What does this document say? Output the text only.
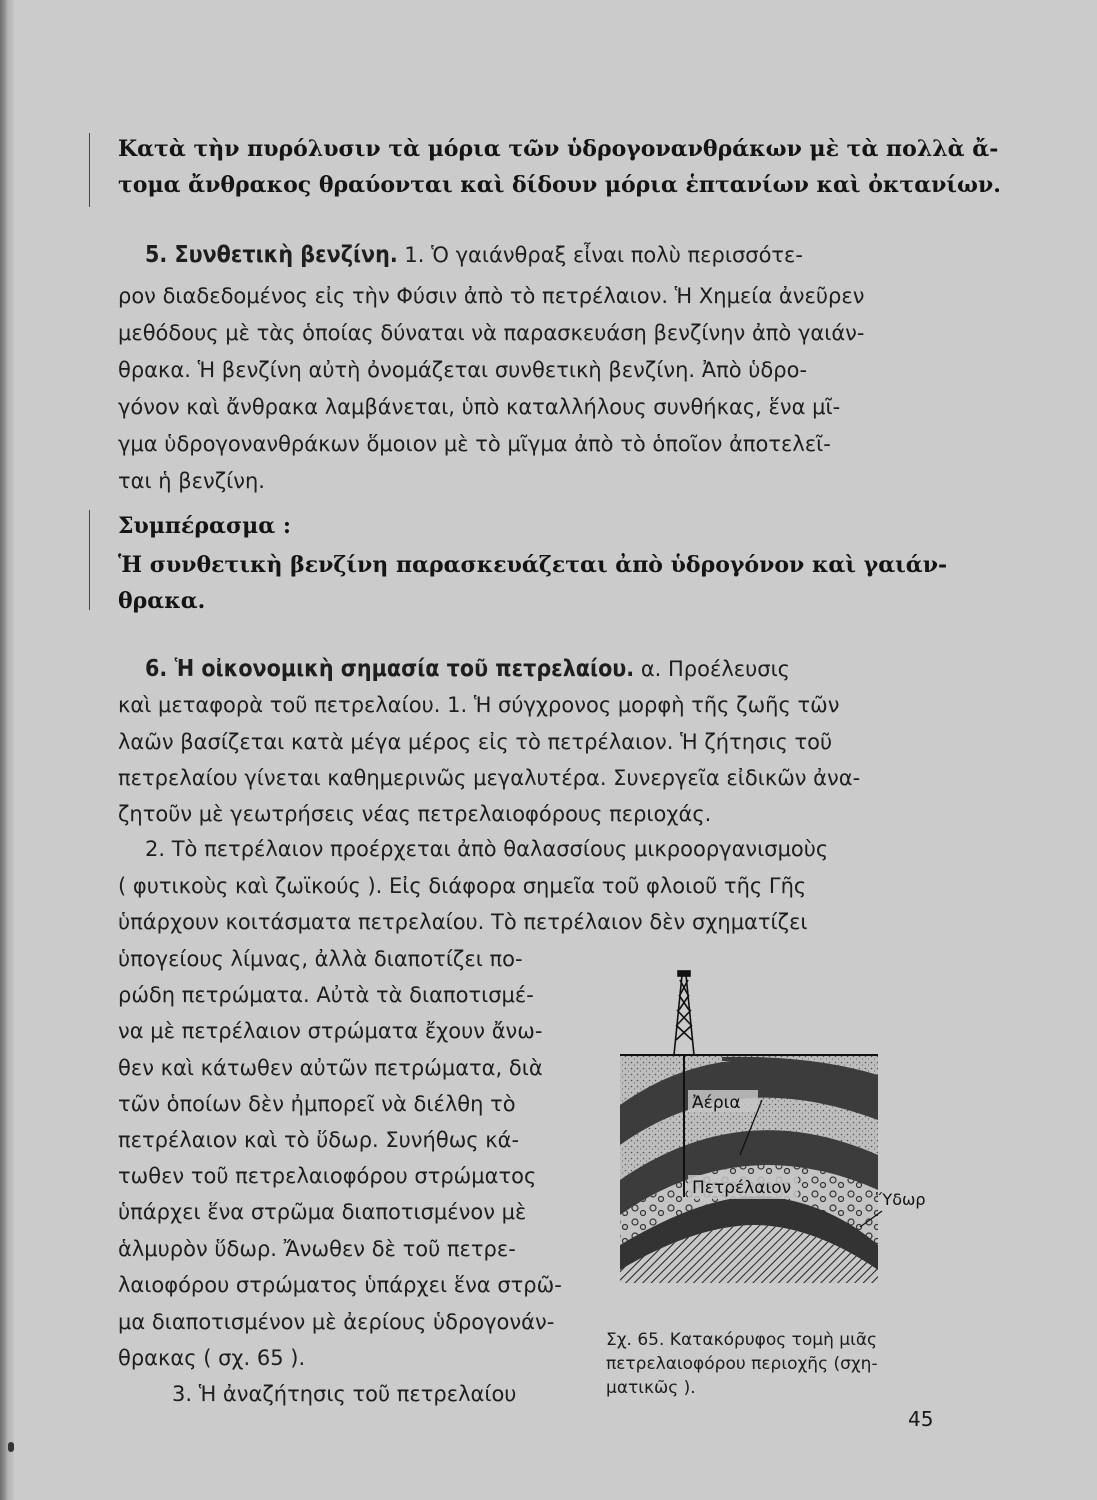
Κατὰ τὴν πυρόλυσιν τὰ μόρια τῶν ὑδρογονανθράκων μὲ τὰ πολλὰ ἄ-
τομα ἄνθρακος θραύονται καὶ δίδουν μόρια ἑπτανίων καὶ ὀκτανίων.
5. Συνθετικὴ βενζίνη. 1. Ὁ γαιάνθραξ εἶναι πολὺ περισσότε-
ρον διαδεδομένος εἰς τὴν Φύσιν ἀπὸ τὸ πετρέλαιον. Ἡ Χημεία ἀνεῦρεν
μεθόδους μὲ τὰς ὁποίας δύναται νὰ παρασκευάση βενζίνην ἀπὸ γαιάν-
θρακα. Ἡ βενζίνη αὐτὴ ὀνομάζεται συνθετικὴ βενζίνη. Ἀπὸ ὑδρο-
γόνον καὶ ἄνθρακα λαμβάνεται, ὑπὸ καταλλήλους συνθήκας, ἕνα μῖ-
γμα ὑδρογονανθράκων ὅμοιον μὲ τὸ μῖγμα ἀπὸ τὸ ὁποῖον ἀποτελεῖ-
ται ἡ βενζίνη.
Συμπέρασμα :
Ἡ συνθετικὴ βενζίνη παρασκευάζεται ἀπὸ ὑδρογόνον καὶ γαιάν-
θρακα.
6. Ἡ οἰκονομικὴ σημασία τοῦ πετρελαίου. α. Προέλευσις
καὶ μεταφορὰ τοῦ πετρελαίου. 1. Ἡ σύγχρονος μορφὴ τῆς ζωῆς τῶν
λαῶν βασίζεται κατὰ μέγα μέρος εἰς τὸ πετρέλαιον. Ἡ ζήτησις τοῦ
πετρελαίου γίνεται καθημερινῶς μεγαλυτέρα. Συνεργεῖα εἰδικῶν ἀνα-
ζητοῦν μὲ γεωτρήσεις νέας πετρελαιοφόρους περιοχάς.
2. Τὸ πετρέλαιον προέρχεται ἀπὸ θαλασσίους μικροοργανισμοὺς
( φυτικοὺς καὶ ζωϊκούς ). Εἰς διάφορα σημεῖα τοῦ φλοιοῦ τῆς Γῆς
ὑπάρχουν κοιτάσματα πετρελαίου. Τὸ πετρέλαιον δὲν σχηματίζει
ὑπογείους λίμνας, ἀλλὰ διαποτίζει πο-
ρώδη πετρώματα. Αὐτὰ τὰ διαποτισμέ-
να μὲ πετρέλαιον στρώματα ἔχουν ἄνω-
θεν καὶ κάτωθεν αὐτῶν πετρώματα, διὰ
τῶν ὁποίων δὲν ἠμπορεῖ νὰ διέλθη τὸ
πετρέλαιον καὶ τὸ ὕδωρ. Συνήθως κά-
τωθεν τοῦ πετρελαιοφόρου στρώματος
ὑπάρχει ἕνα στρῶμα διαποτισμένον μὲ
ἁλμυρὸν ὕδωρ. Ἄνωθεν δὲ τοῦ πετρε-
λαιοφόρου στρώματος ὑπάρχει ἕνα στρῶ-
μα διαποτισμένον μὲ ἀερίους ὑδρογονάν-
θρακας ( σχ. 65 ).
3. Ἡ ἀναζήτησις τοῦ πετρελαίου
Ἀέρια
Πετρέλαιον
Ὕδωρ
Σχ. 65. Κατακόρυφος τομὴ μιᾶς
πετρελαιοφόρου περιοχῆς (σχη-
ματικῶς ).
45
